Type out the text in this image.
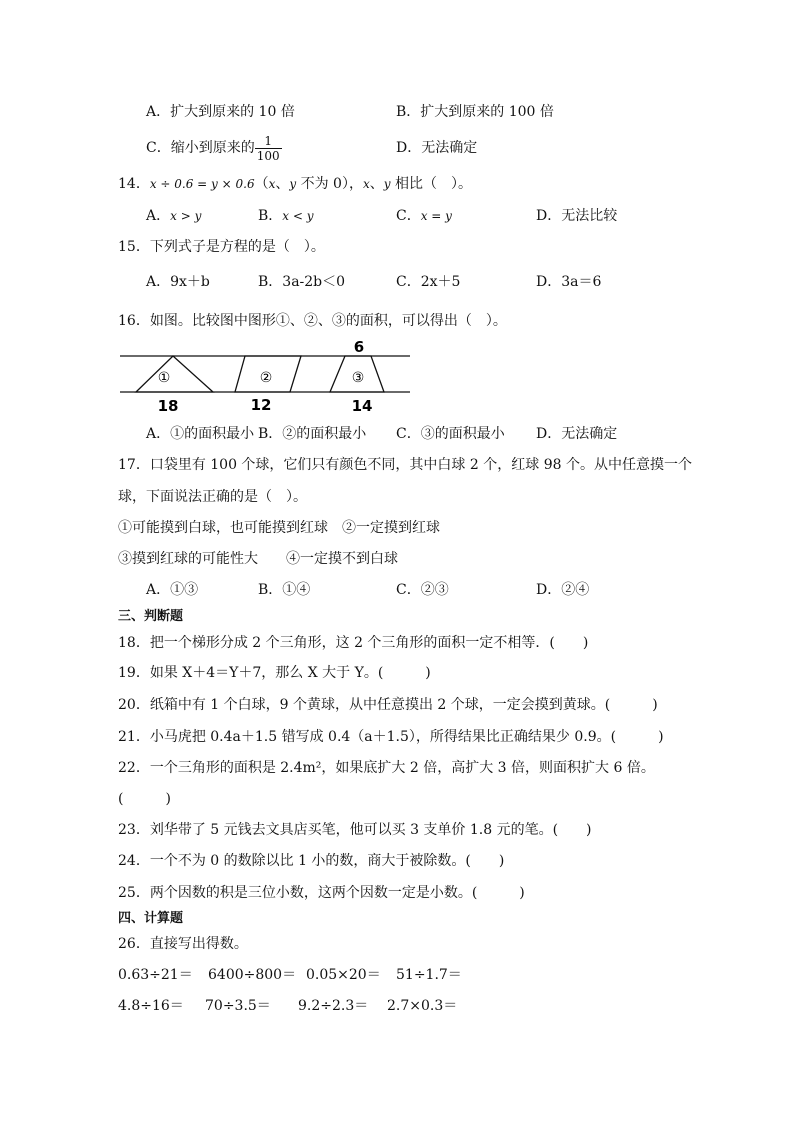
A．扩大到原来的 10 倍	B．扩大到原来的 100 倍
C．缩小到原来的 $\frac{1}{100}$	D．无法确定
14．x ÷ 0.6 = y × 0.6（x、y 不为 0），x、y 相比（　）。
A．x > y	B．x < y	C．x = y	D．无法比较
15．下列式子是方程的是（　）。
A．9x＋b	B．3a-2b＜0	C．2x＋5	D．3a＝6
16．如图。比较图中图形①、②、③的面积，可以得出（　）。
6
①	②	③
18	12	14
A．①的面积最小 B．②的面积最小 C．③的面积最小 D．无法确定
17．口袋里有 100 个球，它们只有颜色不同，其中白球 2 个，红球 98 个。从中任意摸一个
球，下面说法正确的是（　）。
①可能摸到白球，也可能摸到红球　②一定摸到红球
③摸到红球的可能性大　　④一定摸不到白球
A．①③	B．①④	C．②③	D．②④
三、判断题
18．把一个梯形分成 2 个三角形，这 2 个三角形的面积一定不相等．(　　)
19．如果 X＋4＝Y＋7，那么 X 大于 Y。(　　　)
20．纸箱中有 1 个白球，9 个黄球，从中任意摸出 2 个球，一定会摸到黄球。(　　　)
21．小马虎把 0.4a＋1.5 错写成 0.4（a＋1.5），所得结果比正确结果少 0.9。(　　　)
22．一个三角形的面积是 2.4m²，如果底扩大 2 倍，高扩大 3 倍，则面积扩大 6 倍。
(　　　)
23．刘华带了 5 元钱去文具店买笔，他可以买 3 支单价 1.8 元的笔。(　　)
24．一个不为 0 的数除以比 1 小的数，商大于被除数。(　　)
25．两个因数的积是三位小数，这两个因数一定是小数。(　　　)
四、计算题
26．直接写出得数。
0.63÷21＝ 6400÷800＝ 0.05×20＝ 51÷1.7＝
4.8÷16＝ 70÷3.5＝ 9.2÷2.3＝ 2.7×0.3＝
